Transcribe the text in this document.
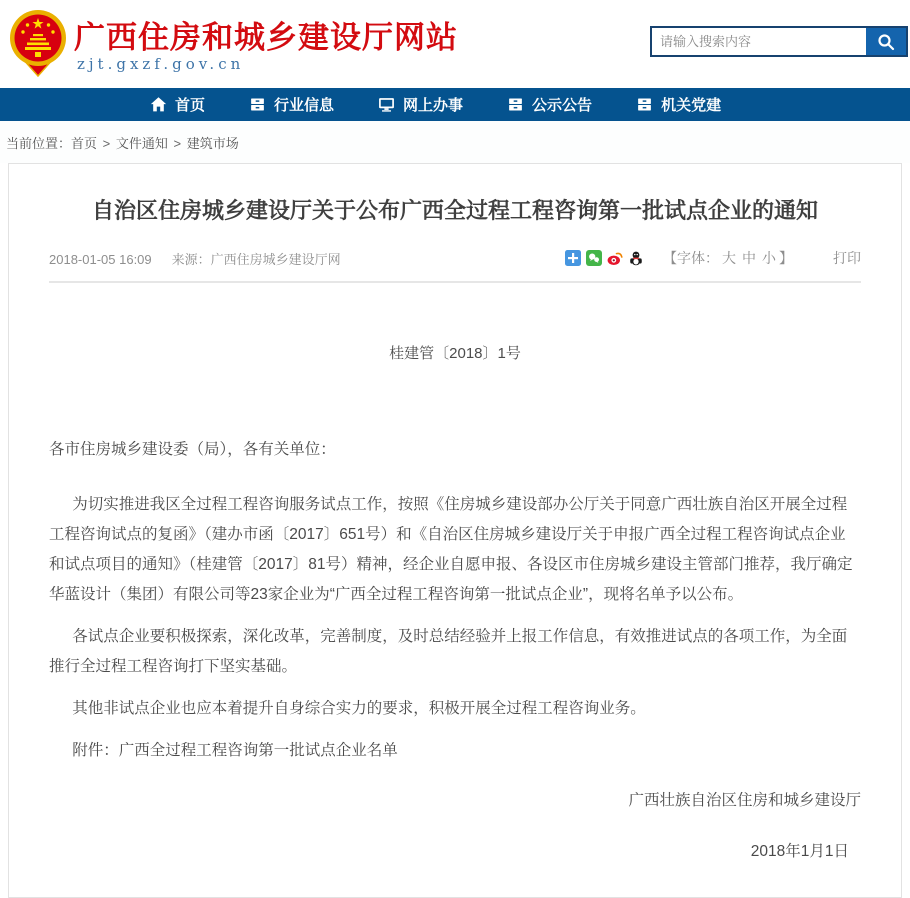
广西住房和城乡建设厅网站
zjt.gxzf.gov.cn
请输入搜索内容
首页	行业信息	网上办事	公示公告	机关党建
当前位置：首页 > 文件通知 > 建筑市场
自治区住房城乡建设厅关于公布广西全过程工程咨询第一批试点企业的通知
2018-01-05 16:09 来源：广西住房城乡建设厅网	【字体： 大 中 小 】	打印
桂建管〔2018〕1号
各市住房城乡建设委（局），各有关单位：

为切实推进我区全过程工程咨询服务试点工作，按照《住房城乡建设部办公厅关于同意广西壮族自治区开展全过程工程咨询试点的复函》（建办市函〔2017〕651号）和《自治区住房城乡建设厅关于申报广西全过程工程咨询试点企业和试点项目的通知》（桂建管〔2017〕81号）精神，经企业自愿申报、各设区市住房城乡建设主管部门推荐，我厅确定华蓝设计（集团）有限公司等23家企业为“广西全过程工程咨询第一批试点企业”，现将名单予以公布。

各试点企业要积极探索，深化改革，完善制度，及时总结经验并上报工作信息，有效推进试点的各项工作，为全面推行全过程工程咨询打下坚实基础。

其他非试点企业也应本着提升自身综合实力的要求，积极开展全过程工程咨询业务。

附件：广西全过程工程咨询第一批试点企业名单

广西壮族自治区住房和城乡建设厅
2018年1月1日
